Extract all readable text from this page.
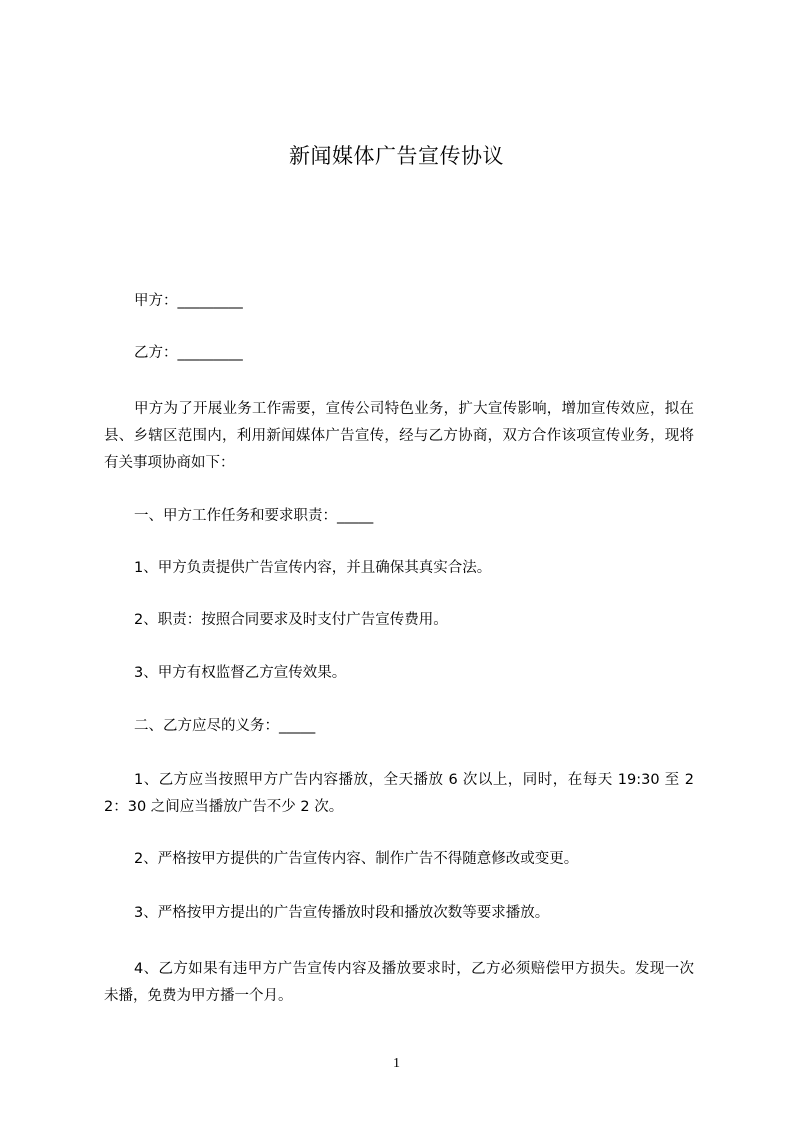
新闻媒体广告宣传协议
甲方：_________
乙方：_________
甲方为了开展业务工作需要，宣传公司特色业务，扩大宣传影响，增加宣传效应，拟在县、乡辖区范围内，利用新闻媒体广告宣传，经与乙方协商，双方合作该项宣传业务，现将有关事项协商如下：
一、甲方工作任务和要求职责：_____
1、甲方负责提供广告宣传内容，并且确保其真实合法。
2、职责：按照合同要求及时支付广告宣传费用。
3、甲方有权监督乙方宣传效果。
二、乙方应尽的义务：_____
1、乙方应当按照甲方广告内容播放，全天播放 6 次以上，同时，在每天 19:30 至 22：30 之间应当播放广告不少 2 次。
2、严格按甲方提供的广告宣传内容、制作广告不得随意修改或变更。
3、严格按甲方提出的广告宣传播放时段和播放次数等要求播放。
4、乙方如果有违甲方广告宣传内容及播放要求时，乙方必须赔偿甲方损失。发现一次未播，免费为甲方播一个月。
1
